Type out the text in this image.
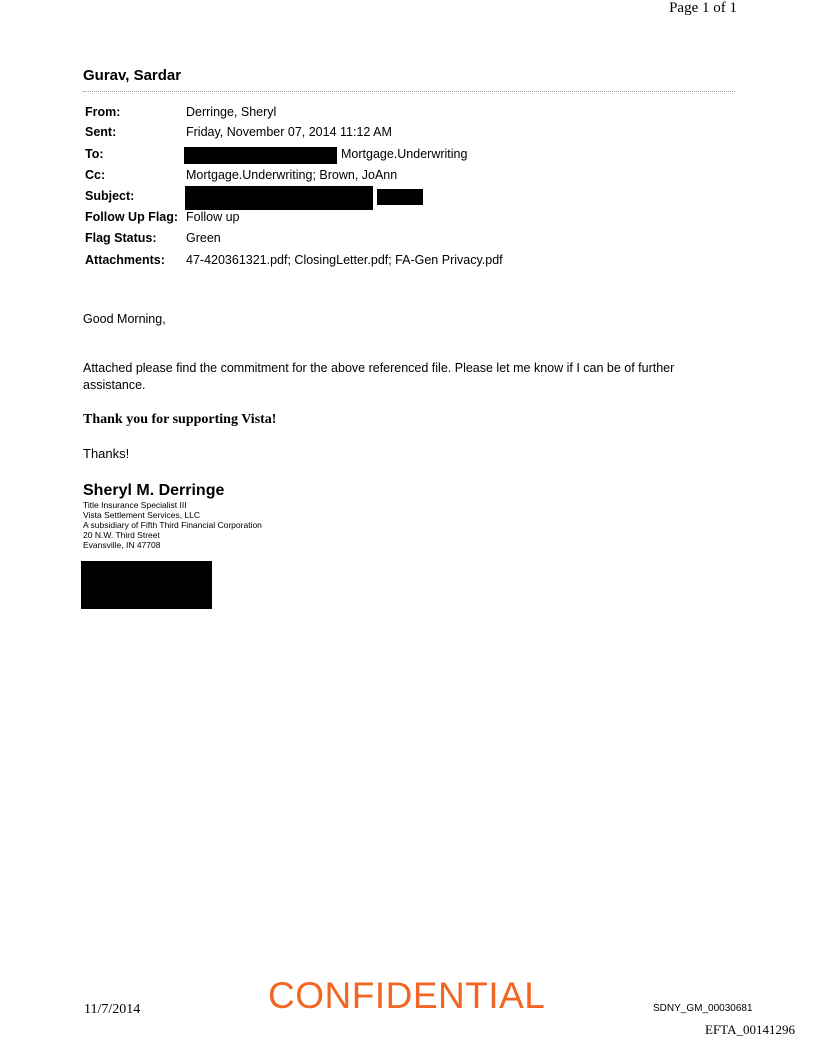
Page 1 of 1
Gurav, Sardar
From:	Derringe, Sheryl
Sent:	Friday, November 07, 2014 11:12 AM
To:	Mortgage.Underwriting
Cc:	Mortgage.Underwriting; Brown, JoAnn
Subject:
Follow Up Flag: Follow up
Flag Status: Green
Attachments: 47-420361321.pdf; ClosingLetter.pdf; FA-Gen Privacy.pdf
Good Morning,
Attached please find the commitment for the above referenced file. Please let me know if I can be of further assistance.
Thank you for supporting Vista!
Thanks!
Sheryl M. Derringe
Title Insurance Specialist III
Vista Settlement Services, LLC
A subsidiary of Fifth Third Financial Corporation
20 N.W. Third Street
Evansville, IN 47708
11/7/2014	CONFIDENTIAL	SDNY_GM_00030681
EFTA_00141296
